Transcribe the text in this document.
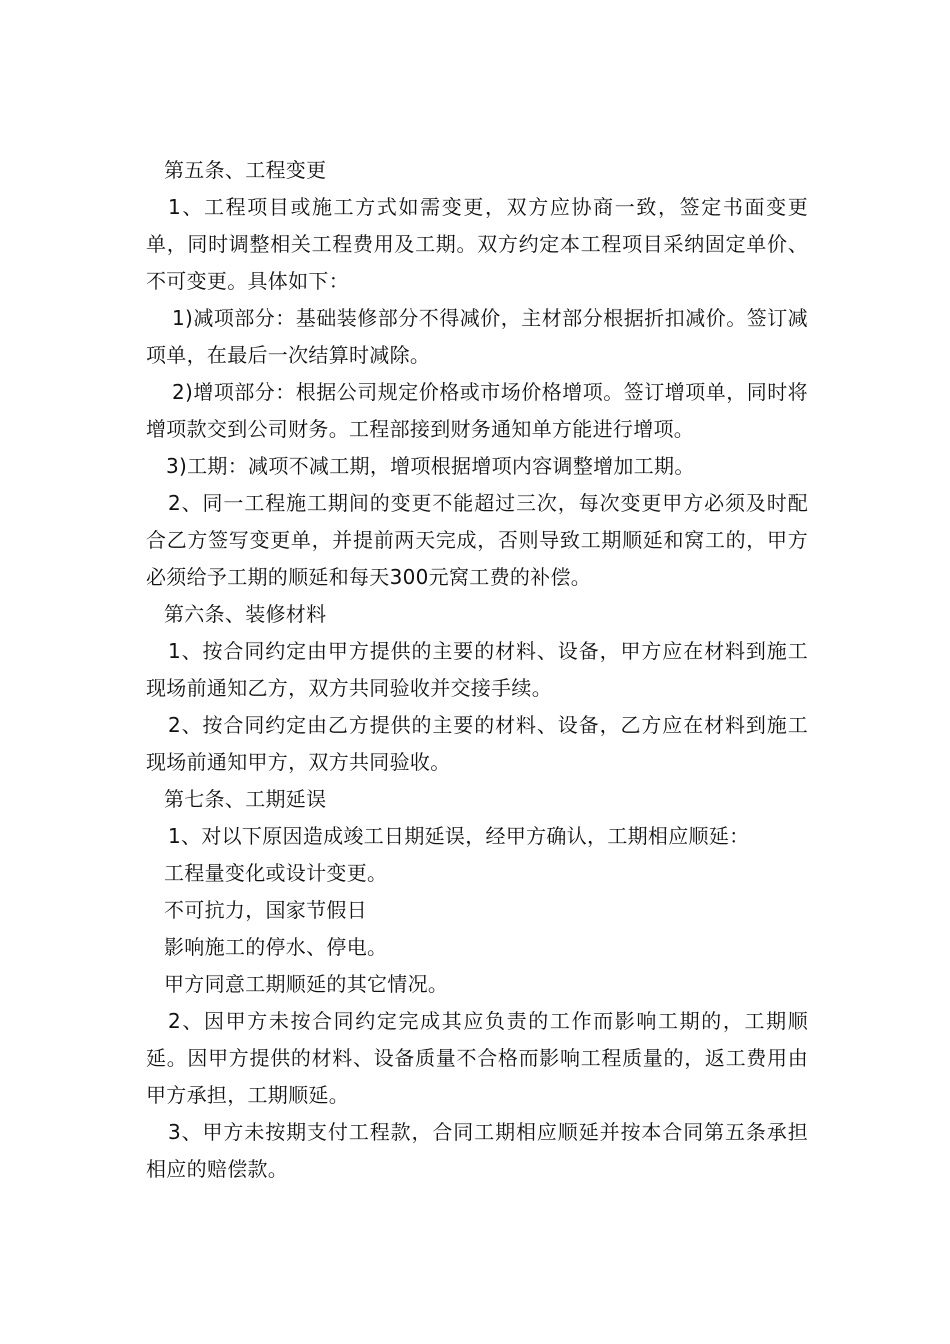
第五条、工程变更

1、工程项目或施工方式如需变更，双方应协商一致，签定书面变更单，同时调整相关工程费用及工期。双方约定本工程项目采纳固定单价、不可变更。具体如下：

1)减项部分：基础装修部分不得减价，主材部分根据折扣减价。签订减项单，在最后一次结算时减除。

2)增项部分：根据公司规定价格或市场价格增项。签订增项单，同时将增项款交到公司财务。工程部接到财务通知单方能进行增项。

3)工期：减项不减工期，增项根据增项内容调整增加工期。

2、同一工程施工期间的变更不能超过三次，每次变更甲方必须及时配合乙方签写变更单，并提前两天完成，否则导致工期顺延和窝工的，甲方必须给予工期的顺延和每天300元窝工费的补偿。

第六条、装修材料

1、按合同约定由甲方提供的主要的材料、设备，甲方应在材料到施工现场前通知乙方，双方共同验收并交接手续。

2、按合同约定由乙方提供的主要的材料、设备，乙方应在材料到施工现场前通知甲方，双方共同验收。

第七条、工期延误

1、对以下原因造成竣工日期延误，经甲方确认，工期相应顺延：

工程量变化或设计变更。

不可抗力，国家节假日

影响施工的停水、停电。

甲方同意工期顺延的其它情况。

2、因甲方未按合同约定完成其应负责的工作而影响工期的，工期顺延。因甲方提供的材料、设备质量不合格而影响工程质量的，返工费用由甲方承担，工期顺延。

3、甲方未按期支付工程款，合同工期相应顺延并按本合同第五条承担相应的赔偿款。
